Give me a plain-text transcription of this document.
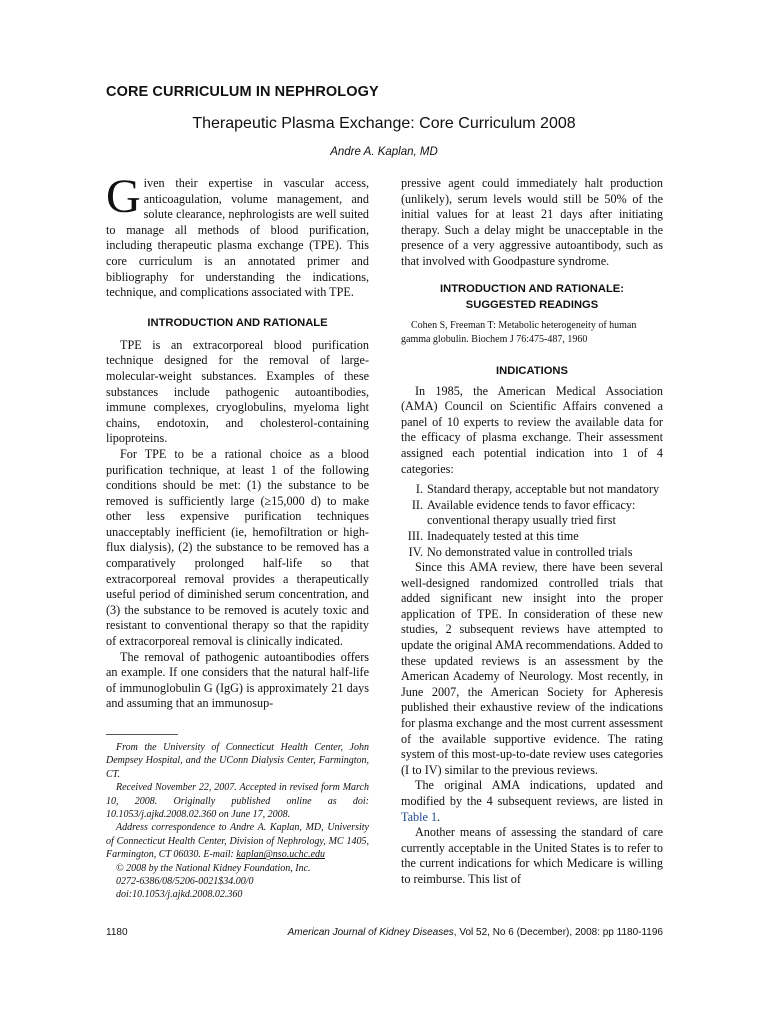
CORE CURRICULUM IN NEPHROLOGY
Therapeutic Plasma Exchange: Core Curriculum 2008
Andre A. Kaplan, MD

Given their expertise in vascular access, anticoagulation, volume management, and solute clearance, nephrologists are well suited to manage all methods of blood purification, including therapeutic plasma exchange (TPE). This core curriculum is an annotated primer and bibliography for understanding the indications, technique, and complications associated with TPE.

INTRODUCTION AND RATIONALE

TPE is an extracorporeal blood purification technique designed for the removal of large-molecular-weight substances. Examples of these substances include pathogenic autoantibodies, immune complexes, cryoglobulins, myeloma light chains, endotoxin, and cholesterol-containing lipoproteins.

For TPE to be a rational choice as a blood purification technique, at least 1 of the following conditions should be met: (1) the substance to be removed is sufficiently large (≥15,000 d) to make other less expensive purification techniques unacceptably inefficient (ie, hemofiltration or high-flux dialysis), (2) the substance to be removed has a comparatively prolonged half-life so that extracorporeal removal provides a therapeutically useful period of diminished serum concentration, and (3) the substance to be removed is acutely toxic and resistant to conventional therapy so that the rapidity of extracorporeal removal is clinically indicated.

The removal of pathogenic autoantibodies offers an example. If one considers that the natural half-life of immunoglobulin G (IgG) is approximately 21 days and assuming that an immunosup-

From the University of Connecticut Health Center, John Dempsey Hospital, and the UConn Dialysis Center, Farmington, CT.

Received November 22, 2007. Accepted in revised form March 10, 2008. Originally published online as doi: 10.1053/j.ajkd.2008.02.360 on June 17, 2008.

Address correspondence to Andre A. Kaplan, MD, University of Connecticut Health Center, Division of Nephrology, MC 1405, Farmington, CT 06030. E-mail: kaplan@nso.uchc.edu

© 2008 by the National Kidney Foundation, Inc.

0272-6386/08/5206-0021$34.00/0

doi:10.1053/j.ajkd.2008.02.360

pressive agent could immediately halt production (unlikely), serum levels would still be 50% of the initial values for at least 21 days after initiating therapy. Such a delay might be unacceptable in the presence of a very aggressive autoantibody, such as that involved with Goodpasture syndrome.

INTRODUCTION AND RATIONALE:

SUGGESTED READINGS

Cohen S, Freeman T: Metabolic heterogeneity of human gamma globulin. Biochem J 76:475-487, 1960

INDICATIONS

In 1985, the American Medical Association (AMA) Council on Scientific Affairs convened a panel of 10 experts to review the available data for the efficacy of plasma exchange. Their assessment assigned each potential indication into 1 of 4 categories:

I. Standard therapy, acceptable but not mandatory
II. Available evidence tends to favor efficacy: conventional therapy usually tried first
III. Inadequately tested at this time
IV. No demonstrated value in controlled trials

Since this AMA review, there have been several well-designed randomized controlled trials that added significant new insight into the proper application of TPE. In consideration of these new studies, 2 subsequent reviews have attempted to update the original AMA recommendations. Added to these updated reviews is an assessment by the American Academy of Neurology. Most recently, in June 2007, the American Society for Apheresis published their exhaustive review of the indications for plasma exchange and the most current assessment of the available supportive evidence. The rating system of this most-up-to-date review uses categories (I to IV) similar to the previous reviews.

The original AMA indications, updated and modified by the 4 subsequent reviews, are listed in Table 1.

Another means of assessing the standard of care currently acceptable in the United States is to refer to the current indications for which Medicare is willing to reimburse. This list of

1180	American Journal of Kidney Diseases, Vol 52, No 6 (December), 2008: pp 1180-1196
